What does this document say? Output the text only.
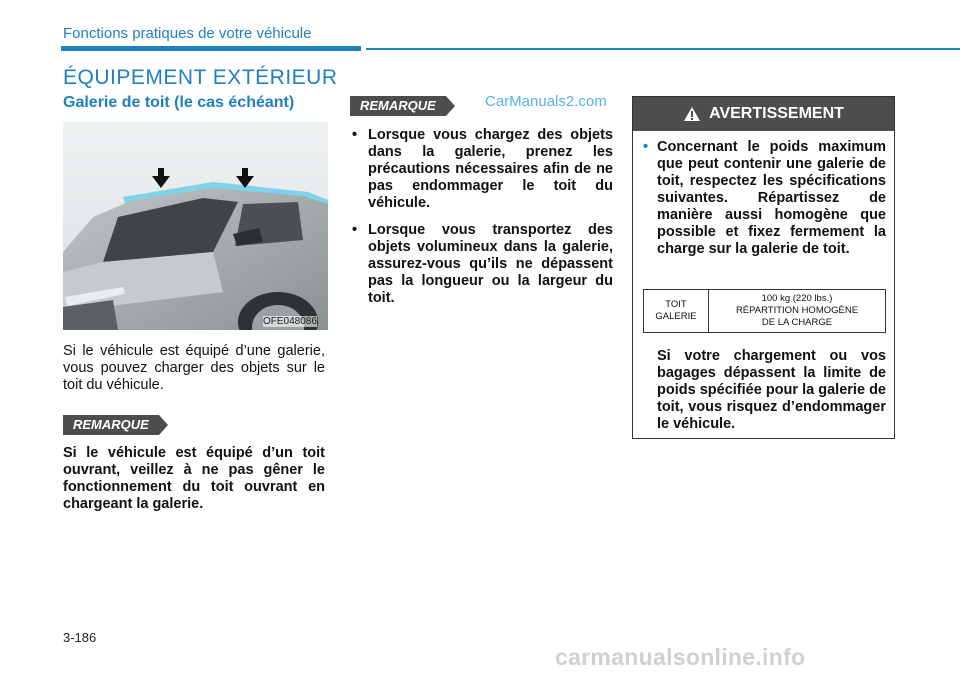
Fonctions pratiques de votre véhicule
ÉQUIPEMENT EXTÉRIEUR
Galerie de toit (le cas échéant)
OFE048086
Si le véhicule est équipé d’une galerie, vous pouvez charger des objets sur le toit du véhicule.
REMARQUE
Si le véhicule est équipé d’un toit ouvrant, veillez à ne pas gêner le fonctionnement du toit ouvrant en chargeant la galerie.
REMARQUE	CarManuals2.com
• Lorsque vous chargez des objets dans la galerie, prenez les précautions nécessaires afin de ne pas endommager le toit du véhicule.
• Lorsque vous transportez des objets volumineux dans la galerie, assurez-vous qu’ils ne dépassent pas la longueur ou la largeur du toit.
AVERTISSEMENT
• Concernant le poids maximum que peut contenir une galerie de toit, respectez les spécifications suivantes. Répartissez de manière aussi homogène que possible et fixez fermement la charge sur la galerie de toit.
Si votre chargement ou vos bagages dépassent la limite de poids spécifiée pour la galerie de toit, vous risquez d’endommager le véhicule.
TOIT
GALERIE
100 kg (220 lbs.)
RÉPARTITION HOMOGÈNE
DE LA CHARGE
3-186
carmanualsonline.info
